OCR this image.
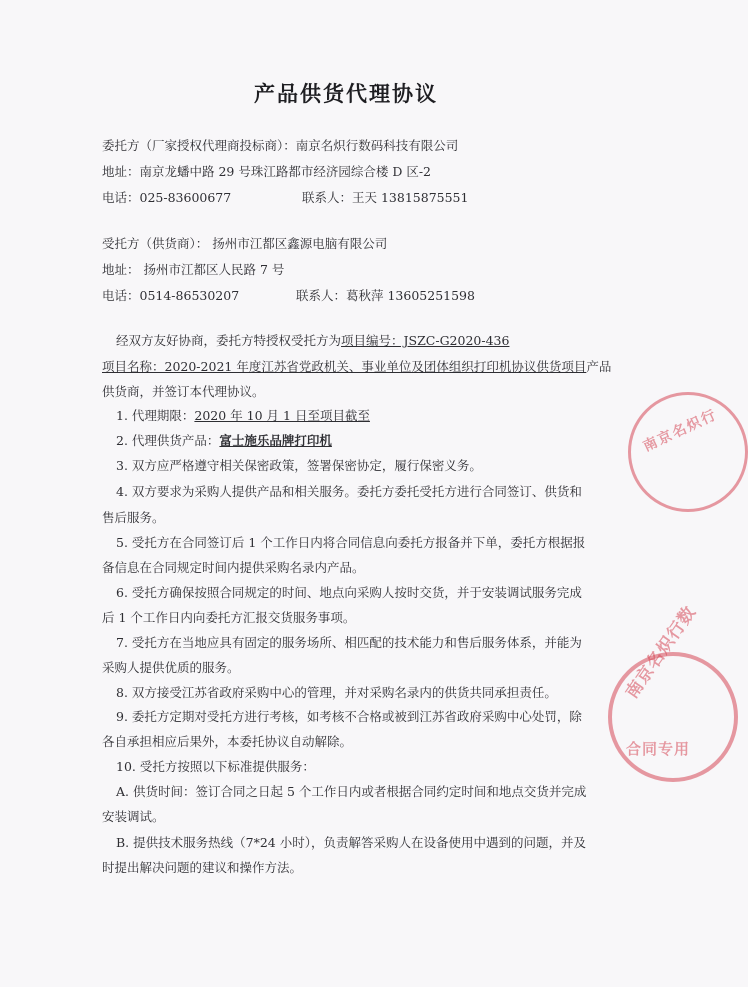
产品供货代理协议
委托方（厂家授权代理商投标商）：南京名炽行数码科技有限公司
地址：南京龙蟠中路 29 号珠江路都市经济园综合楼 D 区-2
电话：025-83600677	联系人：王天 13815875551
受托方（供货商）： 扬州市江都区鑫源电脑有限公司
地址： 扬州市江都区人民路 7 号
电话：0514-86530207	联系人：葛秋萍 13605251598
经双方友好协商，委托方特授权受托方为项目编号：JSZC-G2020-436
项目名称：2020-2021 年度江苏省党政机关、事业单位及团体组织打印机协议供货项目产品
供货商，并签订本代理协议。
1. 代理期限：2020 年 10 月 1 日至项目截至
2. 代理供货产品：富士施乐品牌打印机
3. 双方应严格遵守相关保密政策，签署保密协定，履行保密义务。
4. 双方要求为采购人提供产品和相关服务。委托方委托受托方进行合同签订、供货和
售后服务。
5. 受托方在合同签订后 1 个工作日内将合同信息向委托方报备并下单，委托方根据报
备信息在合同规定时间内提供采购名录内产品。
6. 受托方确保按照合同规定的时间、地点向采购人按时交货，并于安装调试服务完成
后 1 个工作日内向委托方汇报交货服务事项。
7. 受托方在当地应具有固定的服务场所、相匹配的技术能力和售后服务体系，并能为
采购人提供优质的服务。
8. 双方接受江苏省政府采购中心的管理，并对采购名录内的供货共同承担责任。
9. 委托方定期对受托方进行考核，如考核不合格或被到江苏省政府采购中心处罚，除
各自承担相应后果外，本委托协议自动解除。
10. 受托方按照以下标准提供服务：
A. 供货时间：签订合同之日起 5 个工作日内或者根据合同约定时间和地点交货并完成
安装调试。
B. 提供技术服务热线（7*24 小时），负责解答采购人在设备使用中遇到的问题，并及
时提出解决问题的建议和操作方法。
南京名炽行
南京名炽行数
合同专用
